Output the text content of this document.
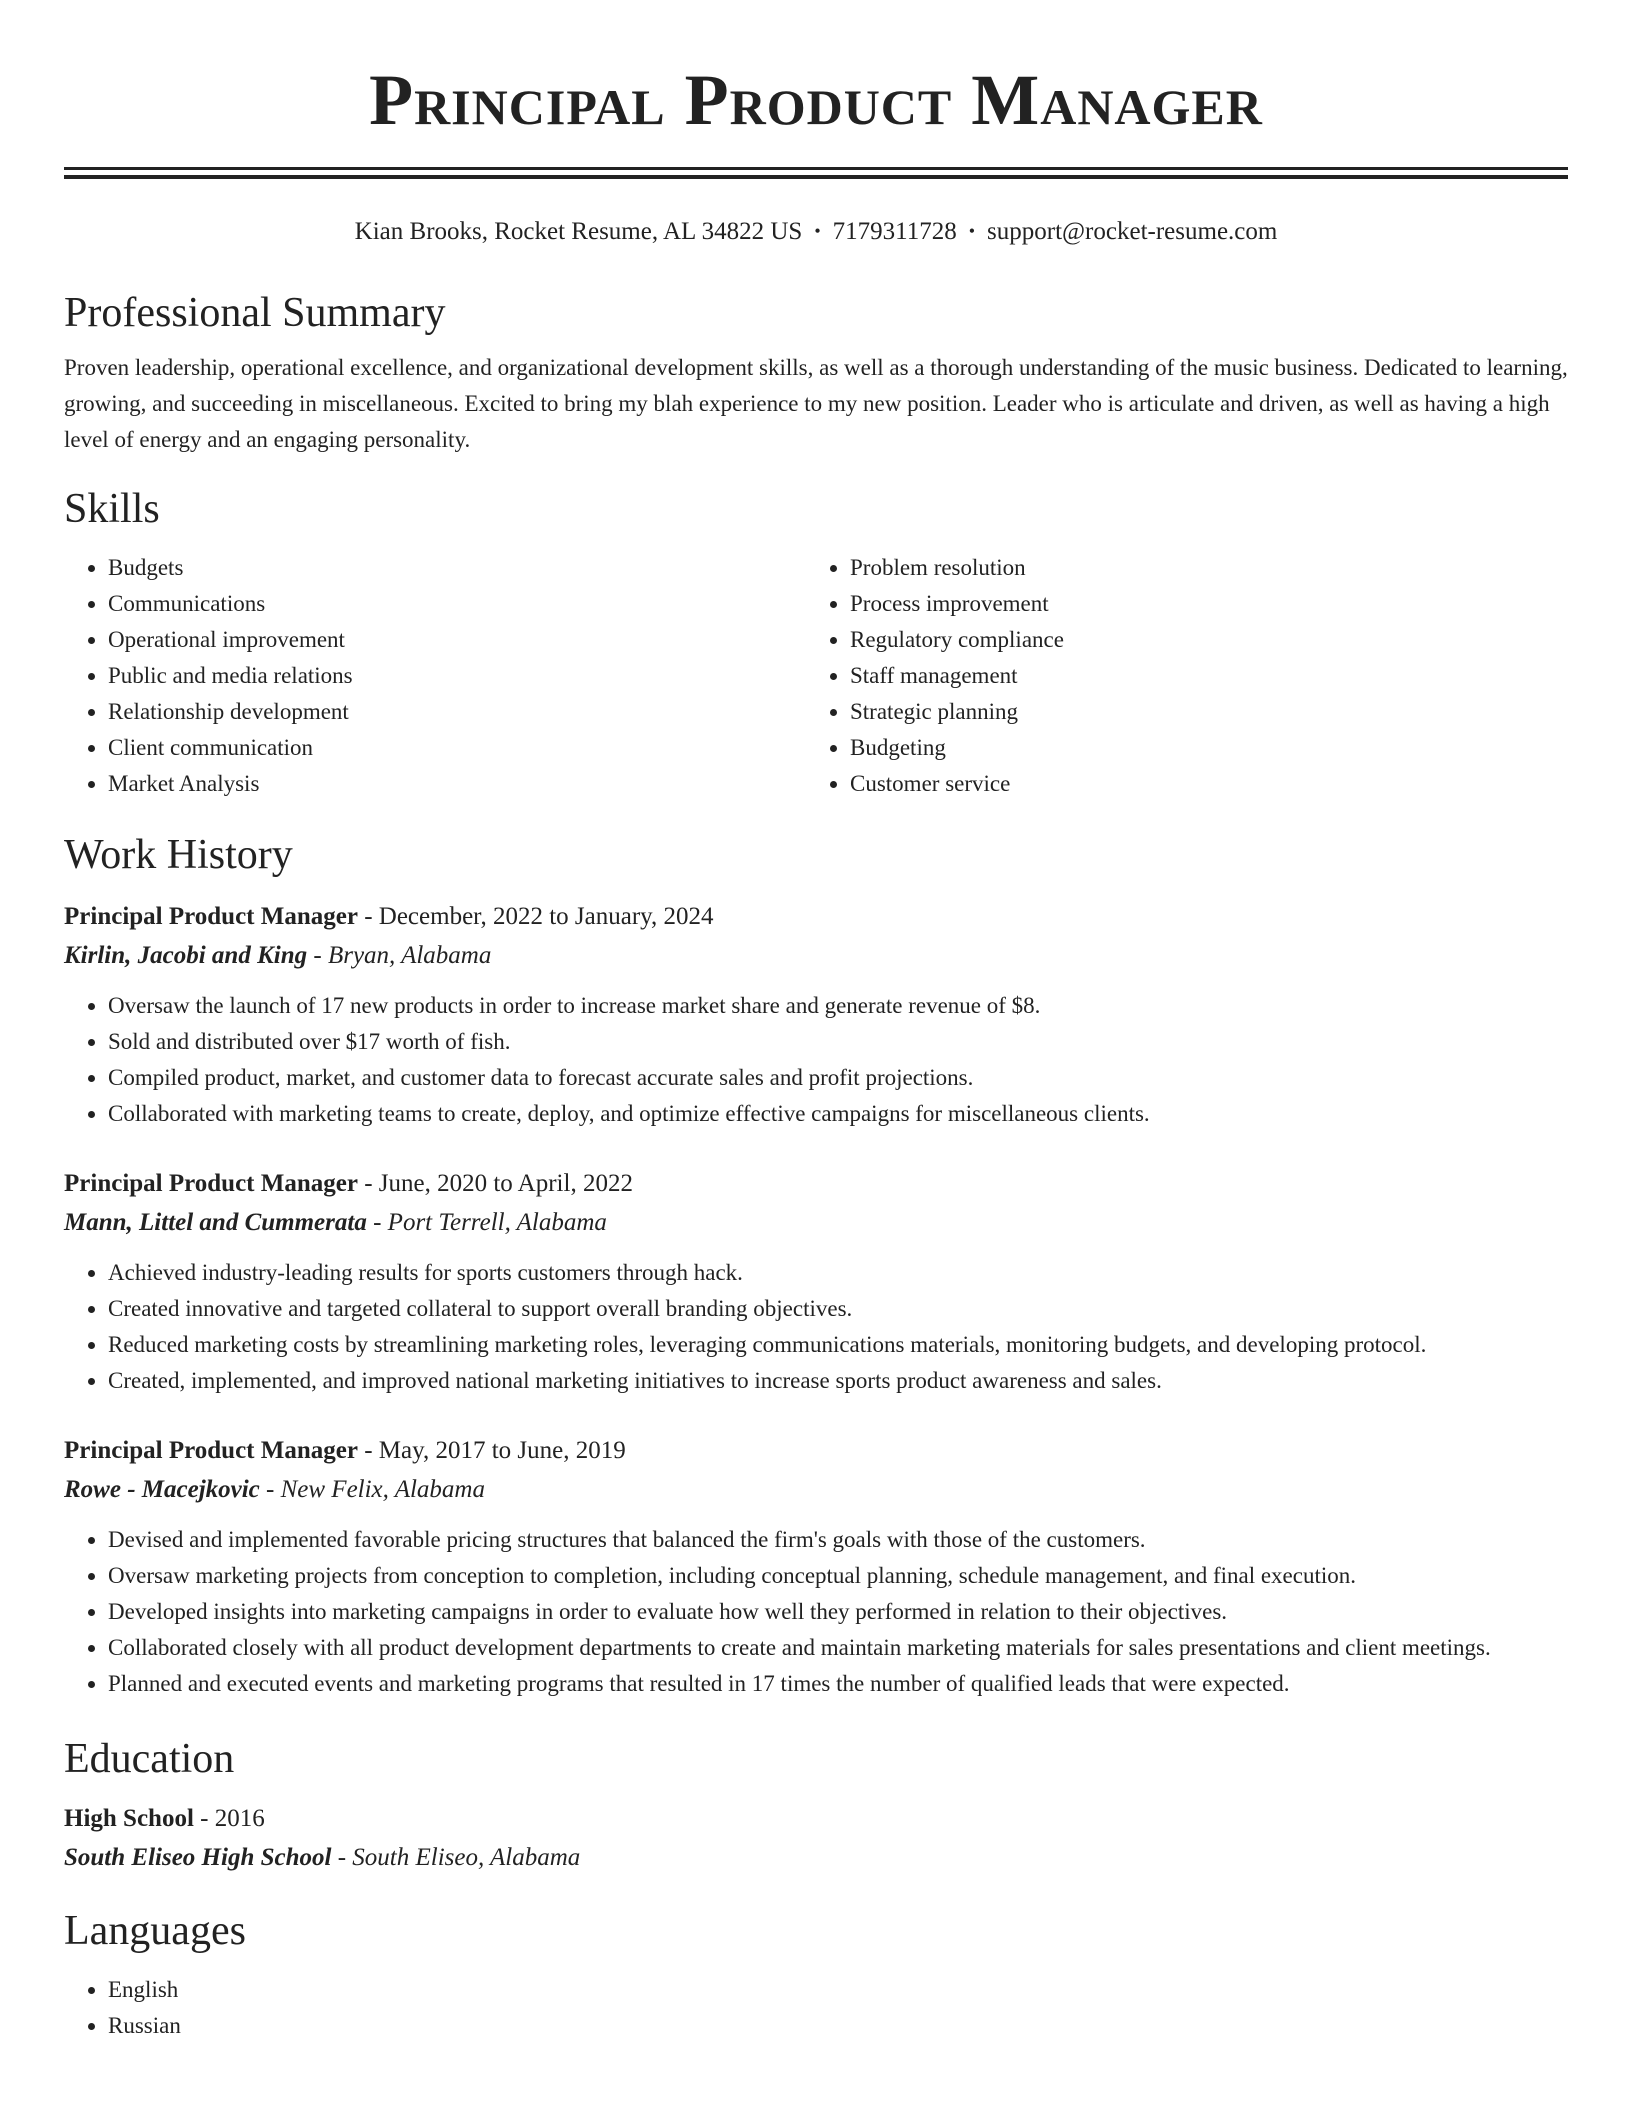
Principal Product Manager
Kian Brooks, Rocket Resume, AL 34822 US • 7179311728 • support@rocket-resume.com
Professional Summary

Proven leadership, operational excellence, and organizational development skills, as well as a thorough understanding of the music business. Dedicated to learning, growing, and succeeding in miscellaneous. Excited to bring my blah experience to my new position. Leader who is articulate and driven, as well as having a high level of energy and an engaging personality.

Skills
• Budgets
• Communications
• Operational improvement
• Public and media relations
• Relationship development
• Client communication
• Market Analysis
• Problem resolution
• Process improvement
• Regulatory compliance
• Staff management
• Strategic planning
• Budgeting
• Customer service
Work History
Principal Product Manager - December, 2022 to January, 2024
Kirlin, Jacobi and King - Bryan, Alabama
• Oversaw the launch of 17 new products in order to increase market share and generate revenue of $8.
• Sold and distributed over $17 worth of fish.
• Compiled product, market, and customer data to forecast accurate sales and profit projections.
• Collaborated with marketing teams to create, deploy, and optimize effective campaigns for miscellaneous clients.
Principal Product Manager - June, 2020 to April, 2022
Mann, Littel and Cummerata - Port Terrell, Alabama
• Achieved industry-leading results for sports customers through hack.
• Created innovative and targeted collateral to support overall branding objectives.
• Reduced marketing costs by streamlining marketing roles, leveraging communications materials, monitoring budgets, and developing protocol.
• Created, implemented, and improved national marketing initiatives to increase sports product awareness and sales.
Principal Product Manager - May, 2017 to June, 2019
Rowe - Macejkovic - New Felix, Alabama
• Devised and implemented favorable pricing structures that balanced the firm's goals with those of the customers.
• Oversaw marketing projects from conception to completion, including conceptual planning, schedule management, and final execution.
• Developed insights into marketing campaigns in order to evaluate how well they performed in relation to their objectives.
• Collaborated closely with all product development departments to create and maintain marketing materials for sales presentations and client meetings.
• Planned and executed events and marketing programs that resulted in 17 times the number of qualified leads that were expected.
Education
High School - 2016
South Eliseo High School - South Eliseo, Alabama
Languages
• English
• Russian
